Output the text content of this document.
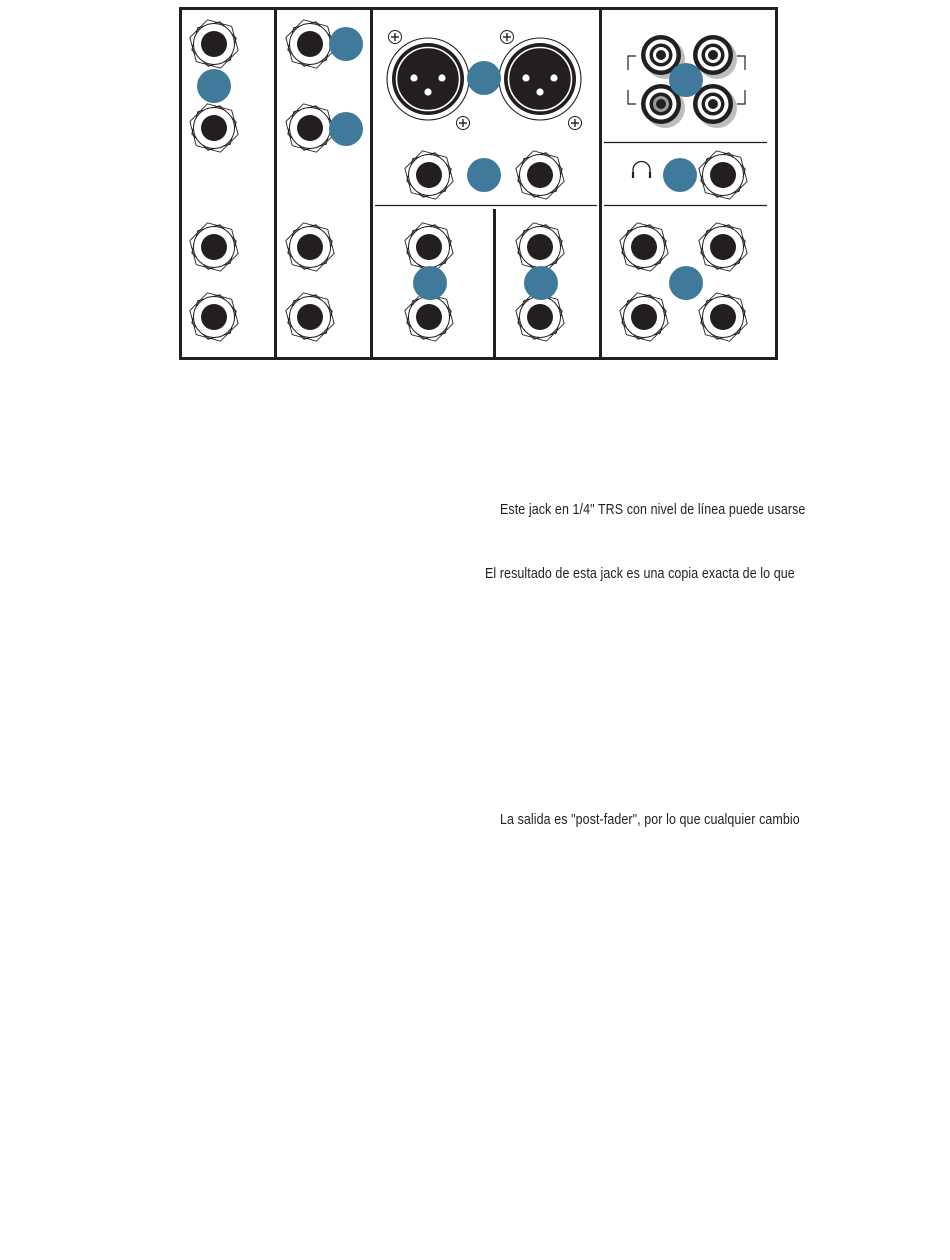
Este jack en 1/4" TRS con nivel de línea puede usarse

El resultado de esta jack es una copia exacta de lo que

La salida es "post-fader", por lo que cualquier cambio
